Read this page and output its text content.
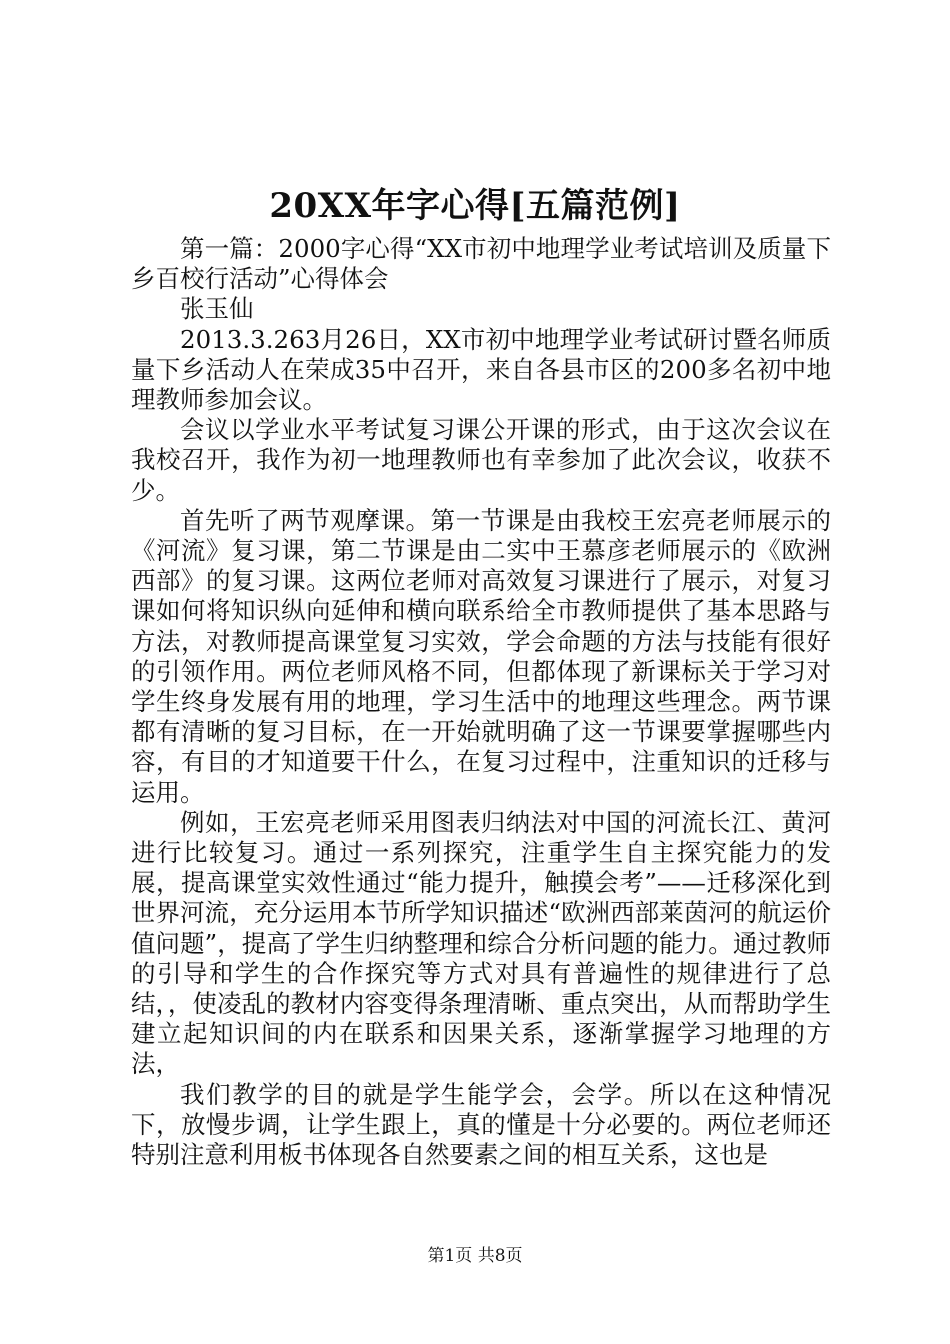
20XX年字心得[五篇范例]

第一篇：2000字心得“XX市初中地理学业考试培训及质量下乡百校行活动”心得体会

张玉仙

2013.3.263月26日，XX市初中地理学业考试研讨暨名师质量下乡活动人在荣成35中召开，来自各县市区的200多名初中地理教师参加会议。

会议以学业水平考试复习课公开课的形式，由于这次会议在我校召开，我作为初一地理教师也有幸参加了此次会议，收获不少。

首先听了两节观摩课。第一节课是由我校王宏亮老师展示的《河流》复习课，第二节课是由二实中王慕彦老师展示的《欧洲西部》的复习课。这两位老师对高效复习课进行了展示，对复习课如何将知识纵向延伸和横向联系给全市教师提供了基本思路与方法，对教师提高课堂复习实效，学会命题的方法与技能有很好的引领作用。两位老师风格不同，但都体现了新课标关于学习对学生终身发展有用的地理，学习生活中的地理这些理念。两节课都有清晰的复习目标，在一开始就明确了这一节课要掌握哪些内容，有目的才知道要干什么，在复习过程中，注重知识的迁移与运用。

例如，王宏亮老师采用图表归纳法对中国的河流长江、黄河进行比较复习。通过一系列探究，注重学生自主探究能力的发展，提高课堂实效性通过“能力提升，触摸会考”——迁移深化到世界河流，充分运用本节所学知识描述“欧洲西部莱茵河的航运价值问题”，提高了学生归纳整理和综合分析问题的能力。通过教师的引导和学生的合作探究等方式对具有普遍性的规律进行了总结，，使凌乱的教材内容变得条理清晰、重点突出，从而帮助学生建立起知识间的内在联系和因果关系，逐渐掌握学习地理的方法，

我们教学的目的就是学生能学会，会学。所以在这种情况下，放慢步调，让学生跟上，真的懂是十分必要的。两位老师还特别注意利用板书体现各自然要素之间的相互关系，这也是

第1页 共8页
